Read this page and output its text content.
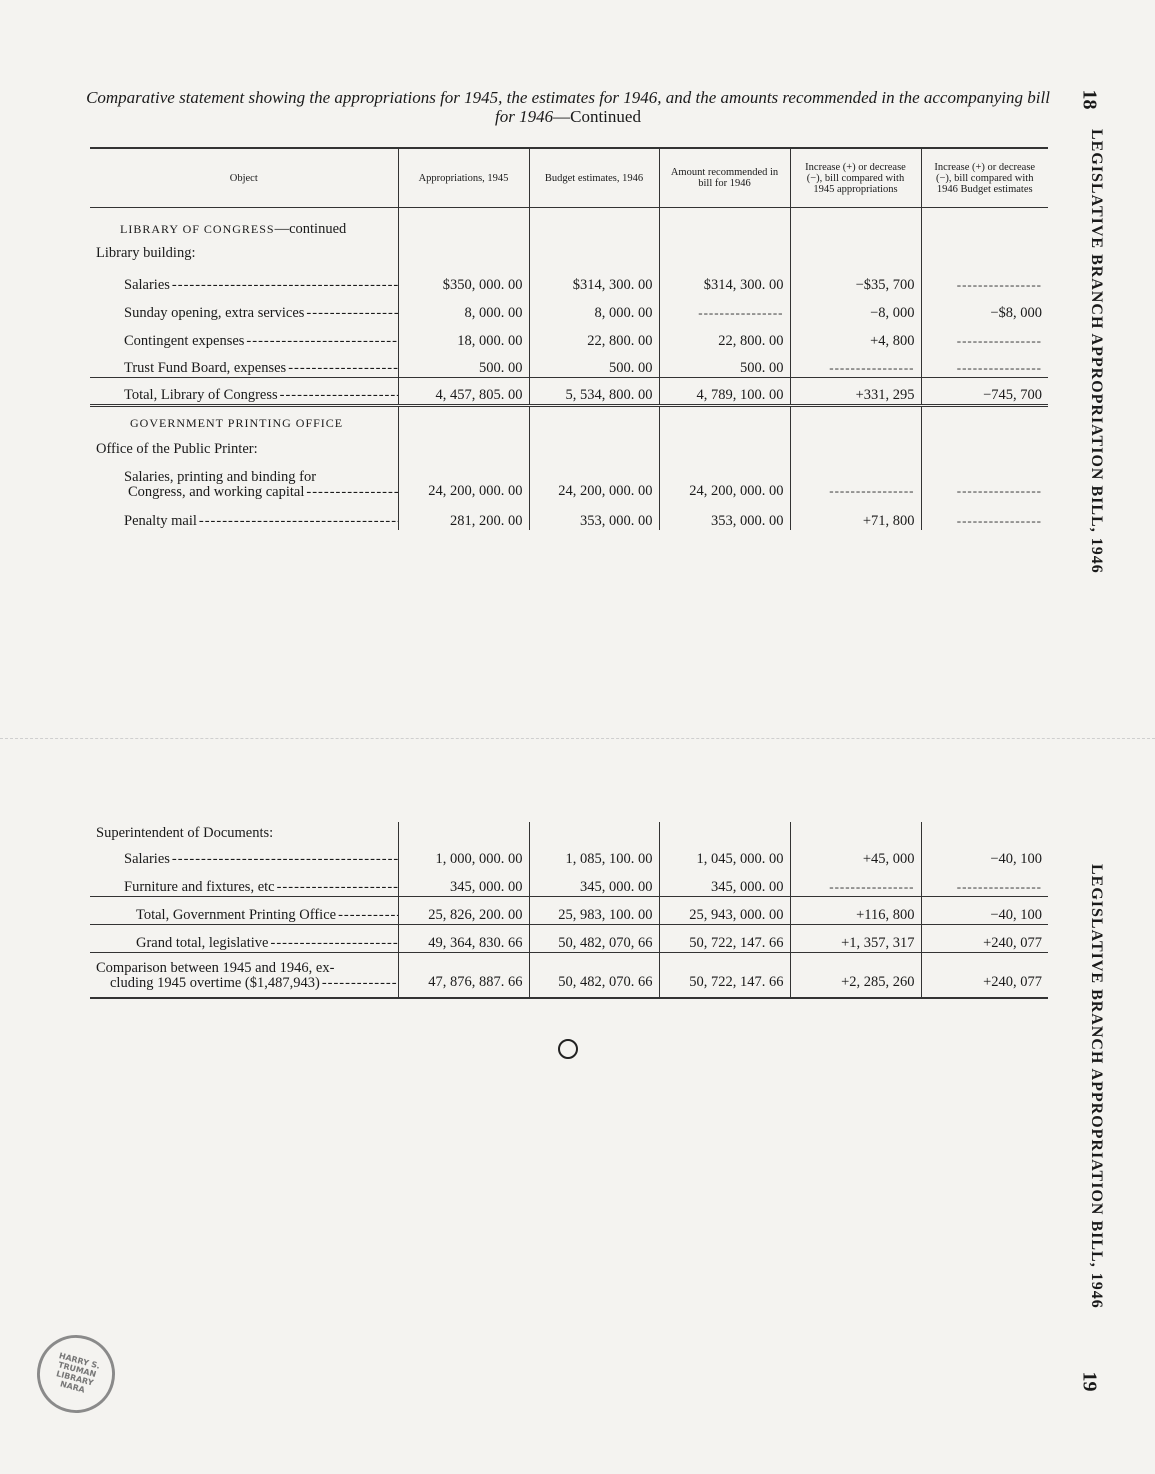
Comparative statement showing the appropriations for 1945, the estimates for 1946, and the amounts recommended in the accompanying bill for 1946—Continued
18
LEGISLATIVE BRANCH APPROPRIATION BILL, 1946
19
LEGISLATIVE BRANCH APPROPRIATION BILL, 1946
Object	Appropriations, 1945	Budget estimates, 1946	Amount recommended in bill for 1946	Increase (+) or decrease (−), bill compared with 1945 appropriations	Increase (+) or decrease (−), bill compared with 1946 Budget estimates
LIBRARY OF CONGRESS—continued					
Library building:					
Salaries -----	$350, 000. 00	$314, 300. 00	$314, 300. 00	−$35, 700	----------------
Sunday opening, extra services -----	8, 000. 00	8, 000. 00	----------------	−8, 000	−$8, 000
Contingent expenses -----	18, 000. 00	22, 800. 00	22, 800. 00	+4, 800	----------------
Trust Fund Board, expenses -----	500. 00	500. 00	500. 00	----------------	----------------
Total, Library of Congress -----	4, 457, 805. 00	5, 534, 800. 00	4, 789, 100. 00	+331, 295	−745, 700
GOVERNMENT PRINTING OFFICE					
Office of the Public Printer:					

Salaries, printing and binding for
Congress, and working capital -----	24, 200, 000. 00	24, 200, 000. 00	24, 200, 000. 00	----------------	----------------
Penalty mail -----	281, 200. 00	353, 000. 00	353, 000. 00	+71, 800	----------------
Superintendent of Documents:					
Salaries -----	1, 000, 000. 00	1, 085, 100. 00	1, 045, 000. 00	+45, 000	−40, 100
Furniture and fixtures, etc -----	345, 000. 00	345, 000. 00	345, 000. 00	----------------	----------------
Total, Government Printing Office -----	25, 826, 200. 00	25, 983, 100. 00	25, 943, 000. 00	+116, 800	−40, 100
Grand total, legislative -----	49, 364, 830. 66	50, 482, 070, 66	50, 722, 147. 66	+1, 357, 317	+240, 077

Comparison between 1945 and 1946, ex-
cluding 1945 overtime ($1,487,943) -----	47, 876, 887. 66	50, 482, 070. 66	50, 722, 147. 66	+2, 285, 260	+240, 077
HARRY S. TRUMAN LIBRARY NARA
